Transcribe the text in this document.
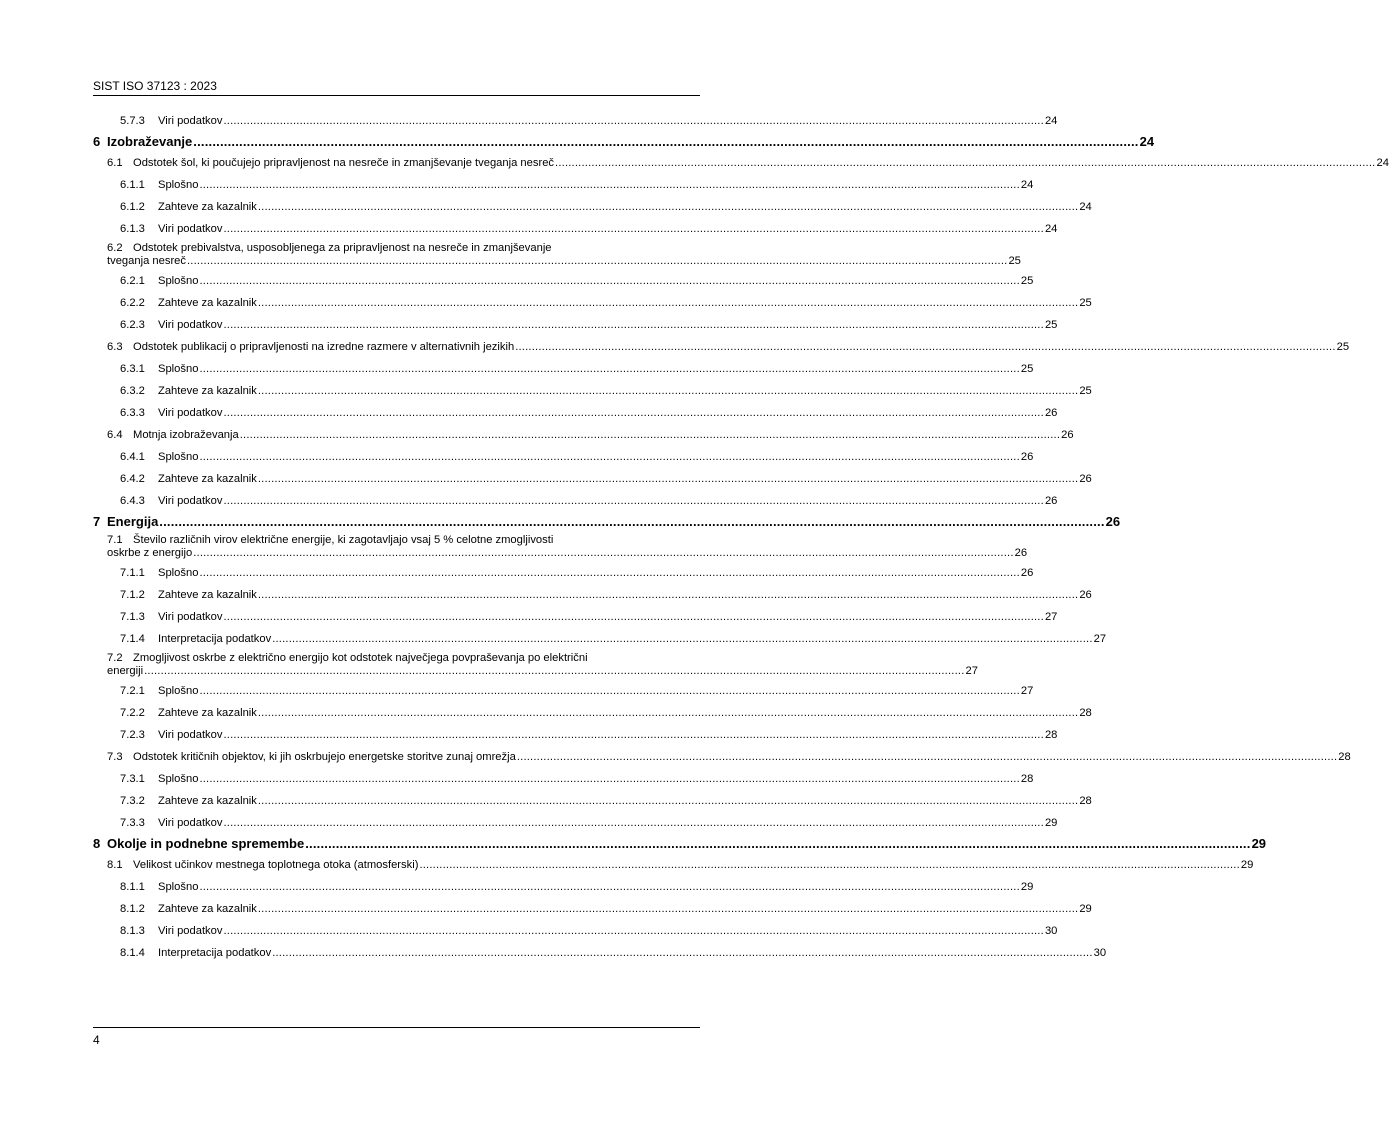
SIST ISO 37123 : 2023
5.7.3 Viri podatkov .....	24
6 Izobraževanje .....	24
6.1 Odstotek šol, ki poučujejo pripravljenost na nesreče in zmanjševanje tveganja nesreč .....	24
6.1.1 Splošno .....	24
6.1.2 Zahteve za kazalnik .....	24
6.1.3 Viri podatkov .....	24
6.2 Odstotek prebivalstva, usposobljenega za pripravljenost na nesreče in zmanjševanje
tveganja nesreč .....	25
6.2.1 Splošno .....	25
6.2.2 Zahteve za kazalnik .....	25
6.2.3 Viri podatkov .....	25
6.3 Odstotek publikacij o pripravljenosti na izredne razmere v alternativnih jezikih .....	25
6.3.1 Splošno .....	25
6.3.2 Zahteve za kazalnik .....	25
6.3.3 Viri podatkov .....	26
6.4 Motnja izobraževanja .....	26
6.4.1 Splošno .....	26
6.4.2 Zahteve za kazalnik .....	26
6.4.3 Viri podatkov .....	26
7 Energija .....	26
7.1 Število različnih virov električne energije, ki zagotavljajo vsaj 5 % celotne zmogljivosti
oskrbe z energijo .....	26
7.1.1 Splošno .....	26
7.1.2 Zahteve za kazalnik .....	26
7.1.3 Viri podatkov .....	27
7.1.4 Interpretacija podatkov .....	27
7.2 Zmogljivost oskrbe z električno energijo kot odstotek največjega povpraševanja po električni
energiji .....	27
7.2.1 Splošno .....	27
7.2.2 Zahteve za kazalnik .....	28
7.2.3 Viri podatkov .....	28
7.3 Odstotek kritičnih objektov, ki jih oskrbujejo energetske storitve zunaj omrežja .....	28
7.3.1 Splošno .....	28
7.3.2 Zahteve za kazalnik .....	28
7.3.3 Viri podatkov .....	29
8 Okolje in podnebne spremembe .....	29
8.1 Velikost učinkov mestnega toplotnega otoka (atmosferski) .....	29
8.1.1 Splošno .....	29
8.1.2 Zahteve za kazalnik .....	29
8.1.3 Viri podatkov .....	30
8.1.4 Interpretacija podatkov .....	30
4
